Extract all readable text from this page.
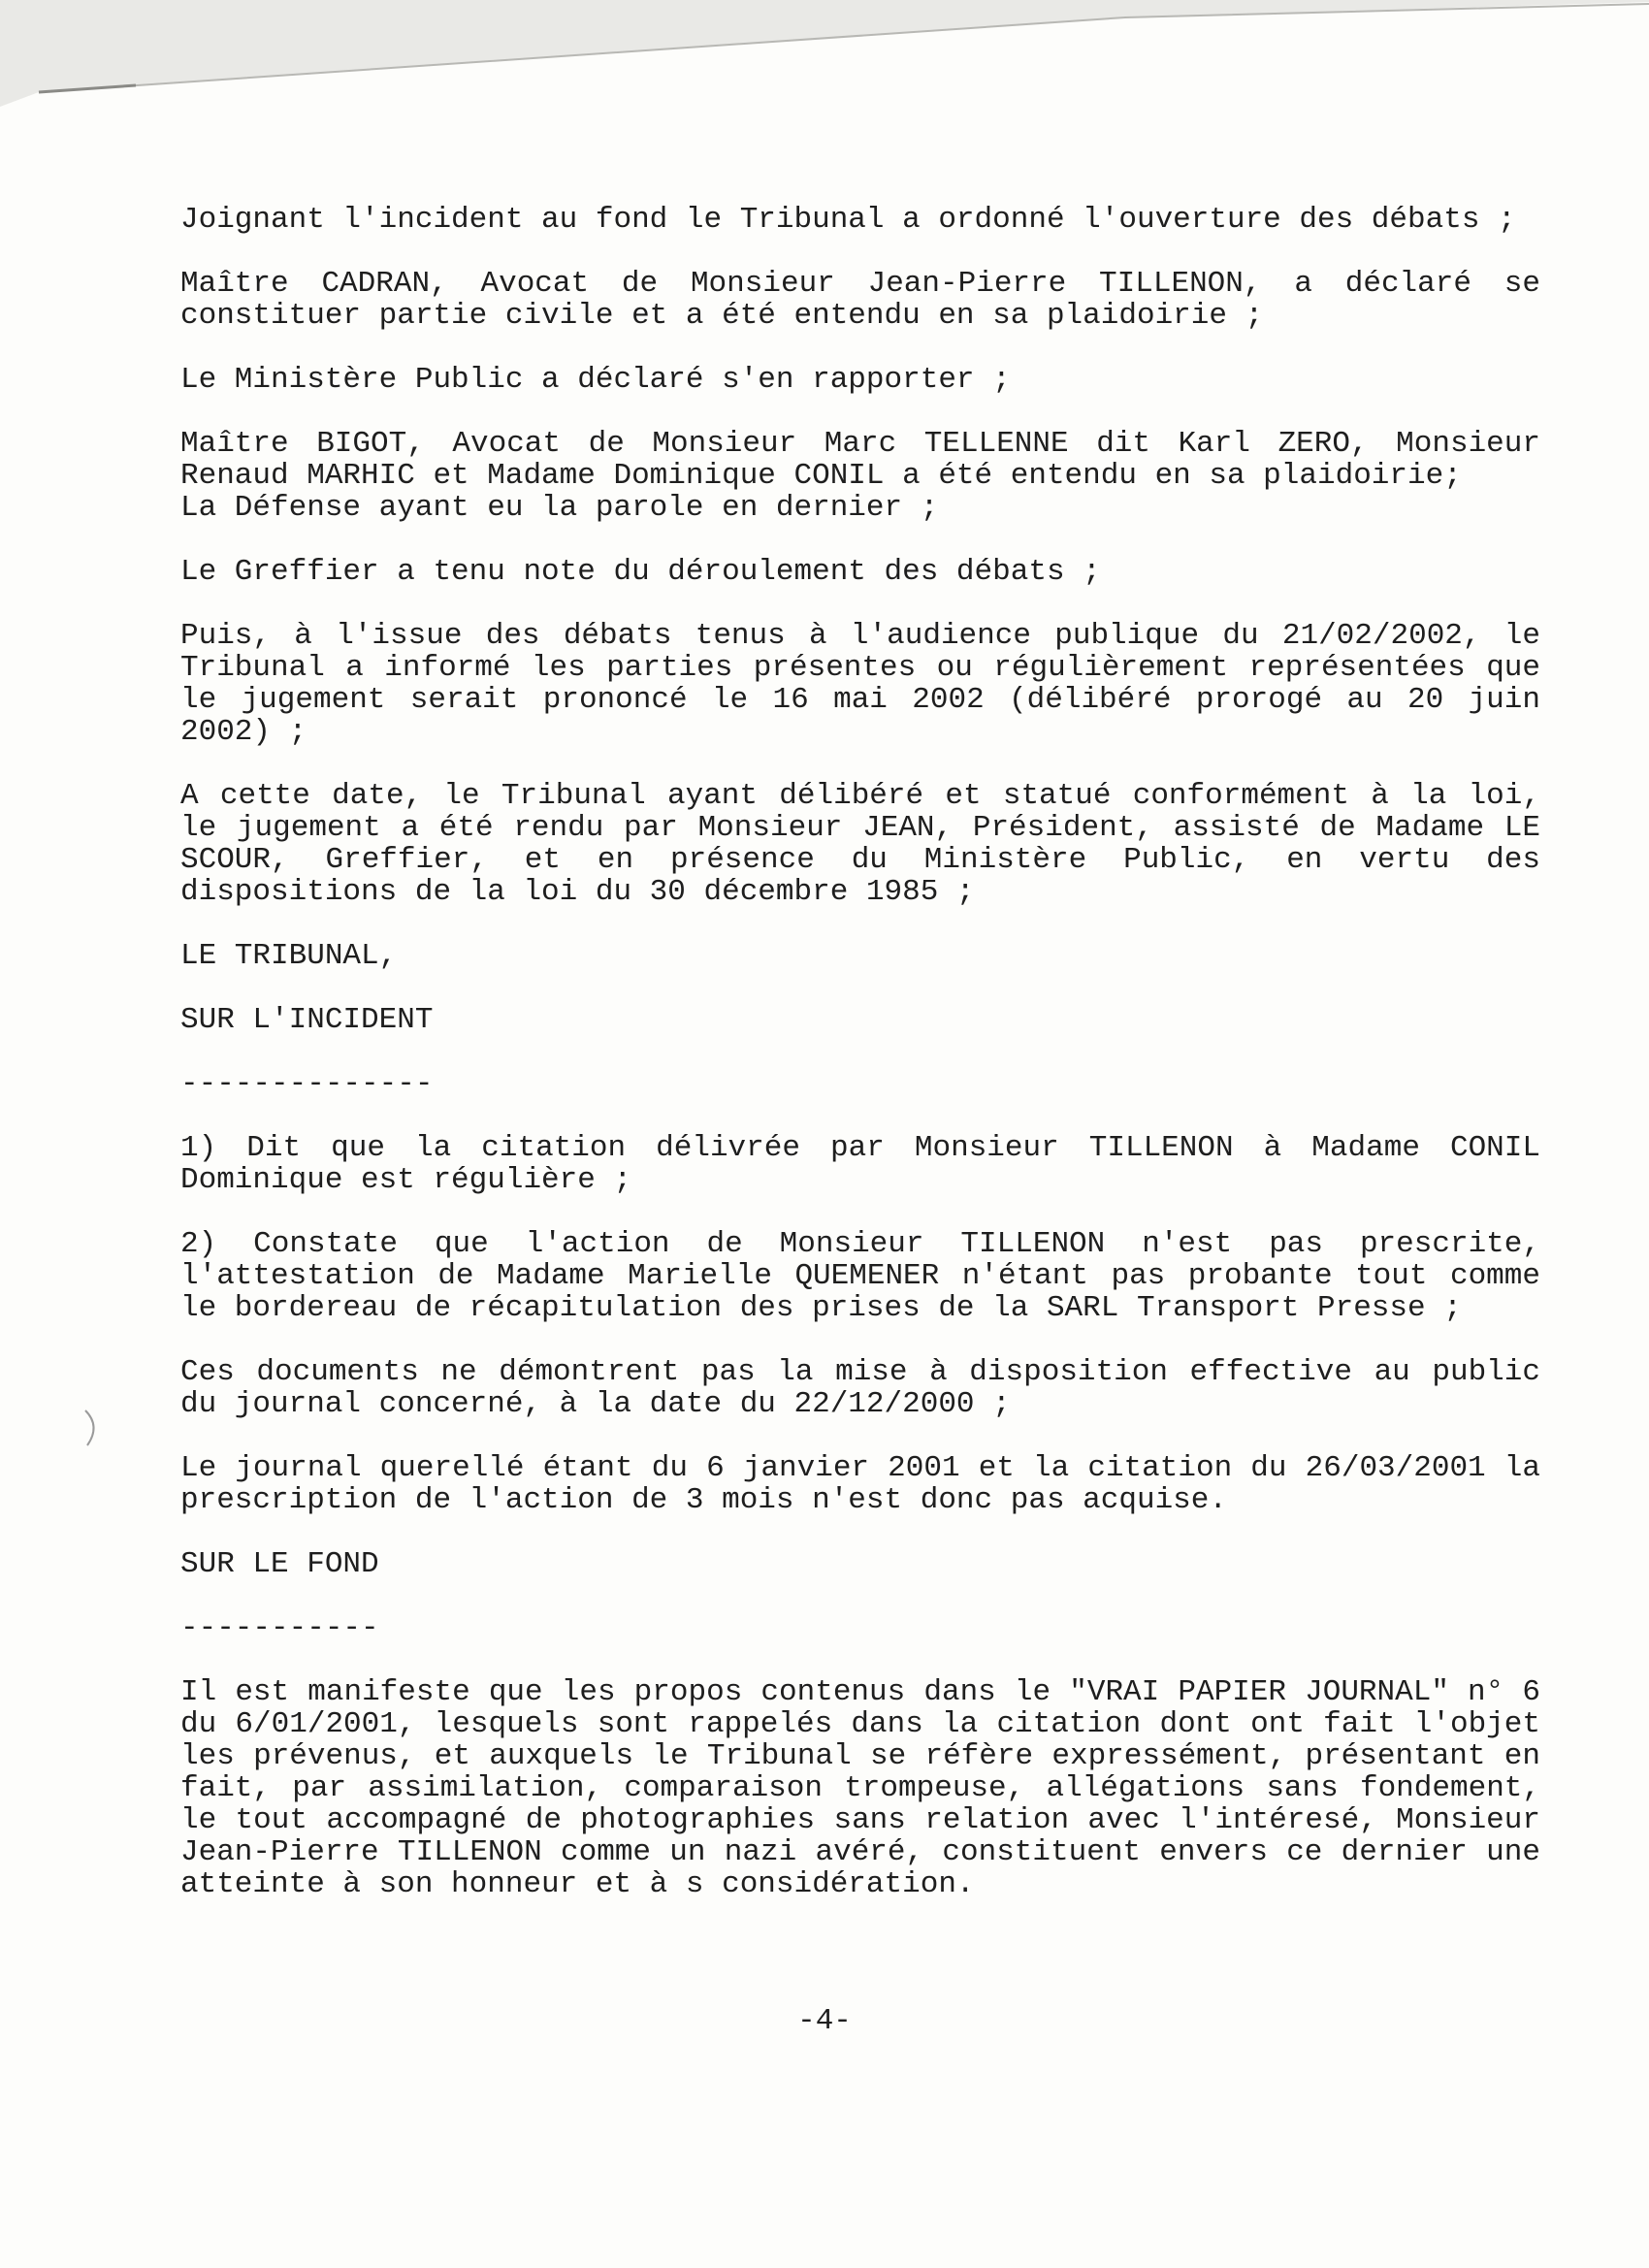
Joignant l'incident au fond le Tribunal a ordonné l'ouverture des débats ;

Maître CADRAN, Avocat de Monsieur Jean-Pierre TILLENON, a déclaré se constituer partie civile et a été entendu en sa plaidoirie ;

Le Ministère Public a déclaré s'en rapporter ;

Maître BIGOT, Avocat de Monsieur Marc TELLENNE dit Karl ZERO, Monsieur Renaud MARHIC et Madame Dominique CONIL a été entendu en sa plaidoirie;
La Défense ayant eu la parole en dernier ;

Le Greffier a tenu note du déroulement des débats ;

Puis, à l'issue des débats tenus à l'audience publique du 21/02/2002, le Tribunal a informé les parties présentes ou régulièrement représentées que le jugement serait prononcé le 16 mai 2002 (délibéré prorogé au 20 juin 2002) ;

A cette date, le Tribunal ayant délibéré et statué conformément à la loi, le jugement a été rendu par Monsieur JEAN, Président, assisté de Madame LE SCOUR, Greffier, et en présence du Ministère Public, en vertu des dispositions de la loi du 30 décembre 1985 ;

LE TRIBUNAL,

SUR L'INCIDENT

--------------

1) Dit que la citation délivrée par Monsieur TILLENON à Madame CONIL Dominique est régulière ;

2) Constate que l'action de Monsieur TILLENON n'est pas prescrite, l'attestation de Madame Marielle QUEMENER n'étant pas probante tout comme le bordereau de récapitulation des prises de la SARL Transport Presse ;

Ces documents ne démontrent pas la mise à disposition effective au public du journal concerné, à la date du 22/12/2000 ;

Le journal querellé étant du 6 janvier 2001 et la citation du 26/03/2001 la prescription de l'action de 3 mois n'est donc pas acquise.

SUR LE FOND

-----------

Il est manifeste que les propos contenus dans le "VRAI PAPIER JOURNAL" n° 6 du 6/01/2001, lesquels sont rappelés dans la citation dont ont fait l'objet les prévenus, et auxquels le Tribunal se réfère expressément, présentant en fait, par assimilation, comparaison trompeuse, allégations sans fondement, le tout accompagné de photographies sans relation avec l'intéresé, Monsieur Jean-Pierre TILLENON comme un nazi avéré, constituent envers ce dernier une atteinte à son honneur et à s considération.

-4-
